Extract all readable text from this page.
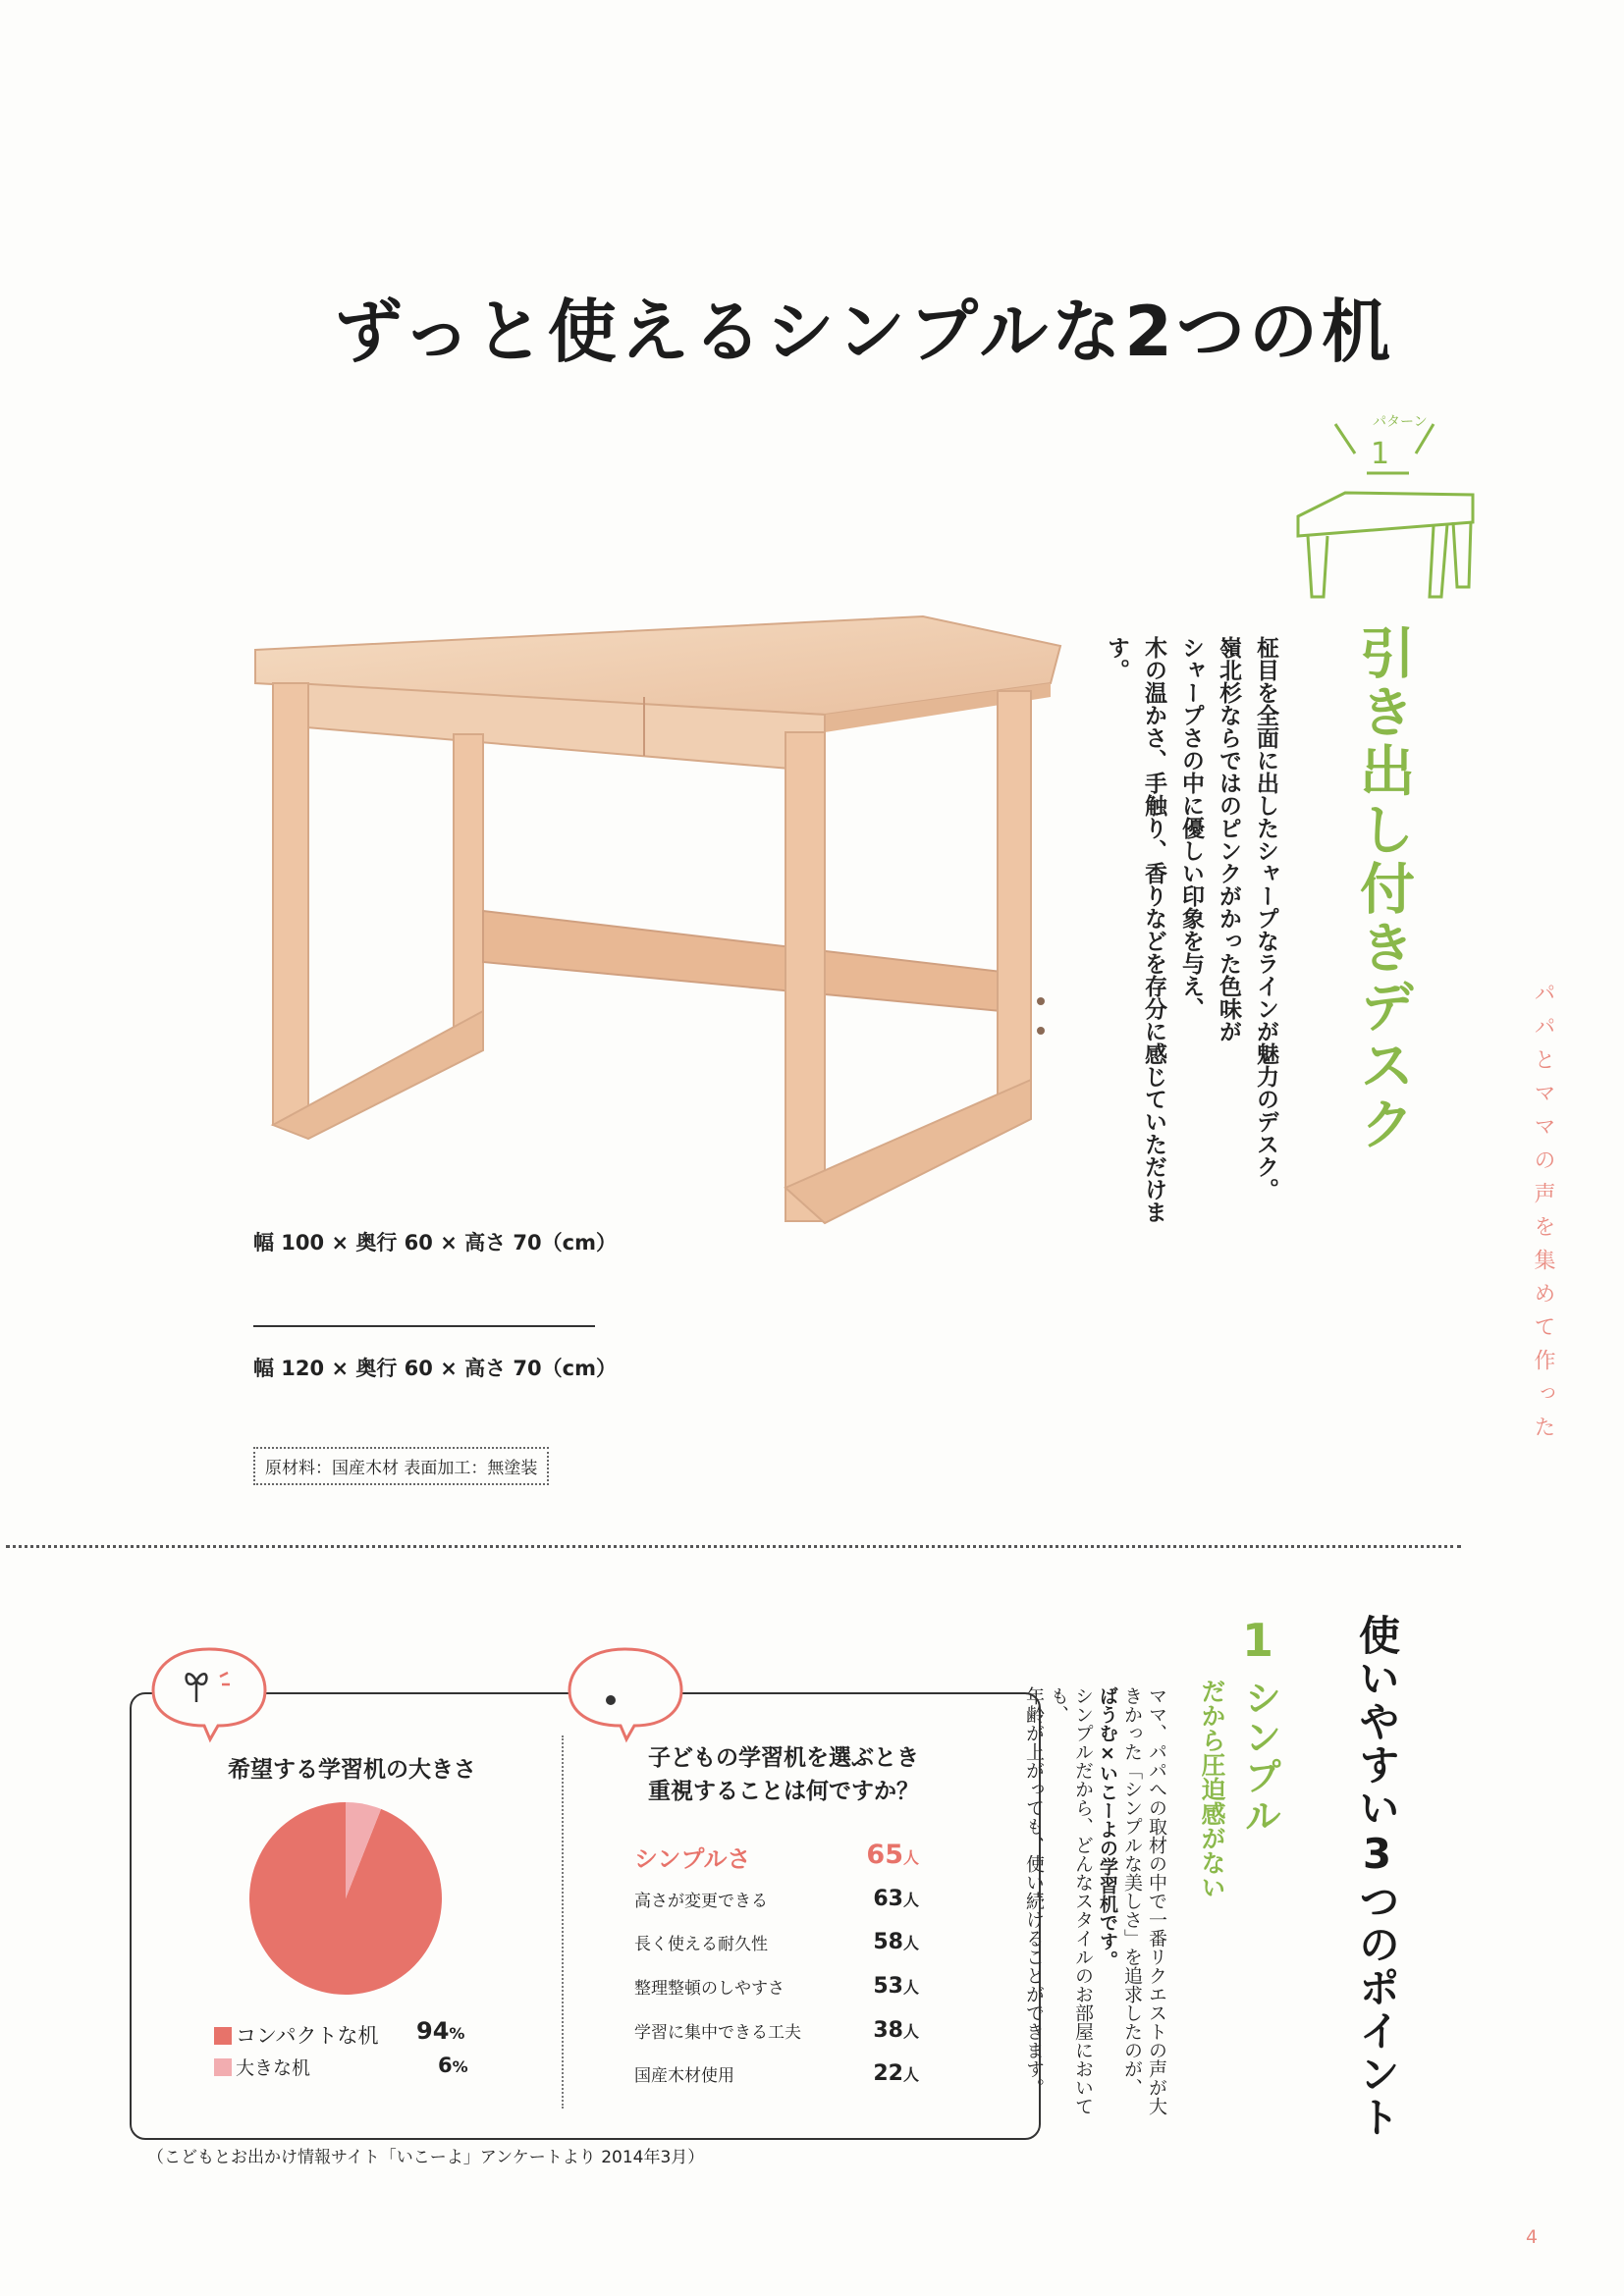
ずっと使えるシンプルな2つの机
幅 100 × 奥行 60 × 高さ 70（cm）
幅 120 × 奥行 60 × 高さ 70（cm）
原材料：国産木材 表面加工：無塗装
パターン
1
引き出し付きデスク
柾目を全面に出したシャープなラインが魅力のデスク。
嶺北杉ならではのピンクがかった色味が
シャープさの中に優しい印象を与え、
木の温かさ、手触り、香りなどを存分に感じていただけます。
パパとママの声を集めて作った
使いやすい3つのポイント
1
シンプル
だから圧迫感がない
ママ、パパへの取材の中で一番リクエストの声が大
きかった「シンプルな美しさ」を追求したのが、
ばうむ×いこーよの学習机です。
シンプルだから、どんなスタイルのお部屋においても、
年齢が上がっても、使い続けることができます。
希望する学習机の大きさ
コンパクトな机 94%
大きな机	6%
子どもの学習机を選ぶとき
重視することは何ですか？
シンプルさ	65人
高さが変更できる	63人
長く使える耐久性	58人
整理整頓のしやすさ	53人
学習に集中できる工夫	38人
国産木材使用	22人
（こどもとお出かけ情報サイト「いこーよ」アンケートより 2014年3月）
4
